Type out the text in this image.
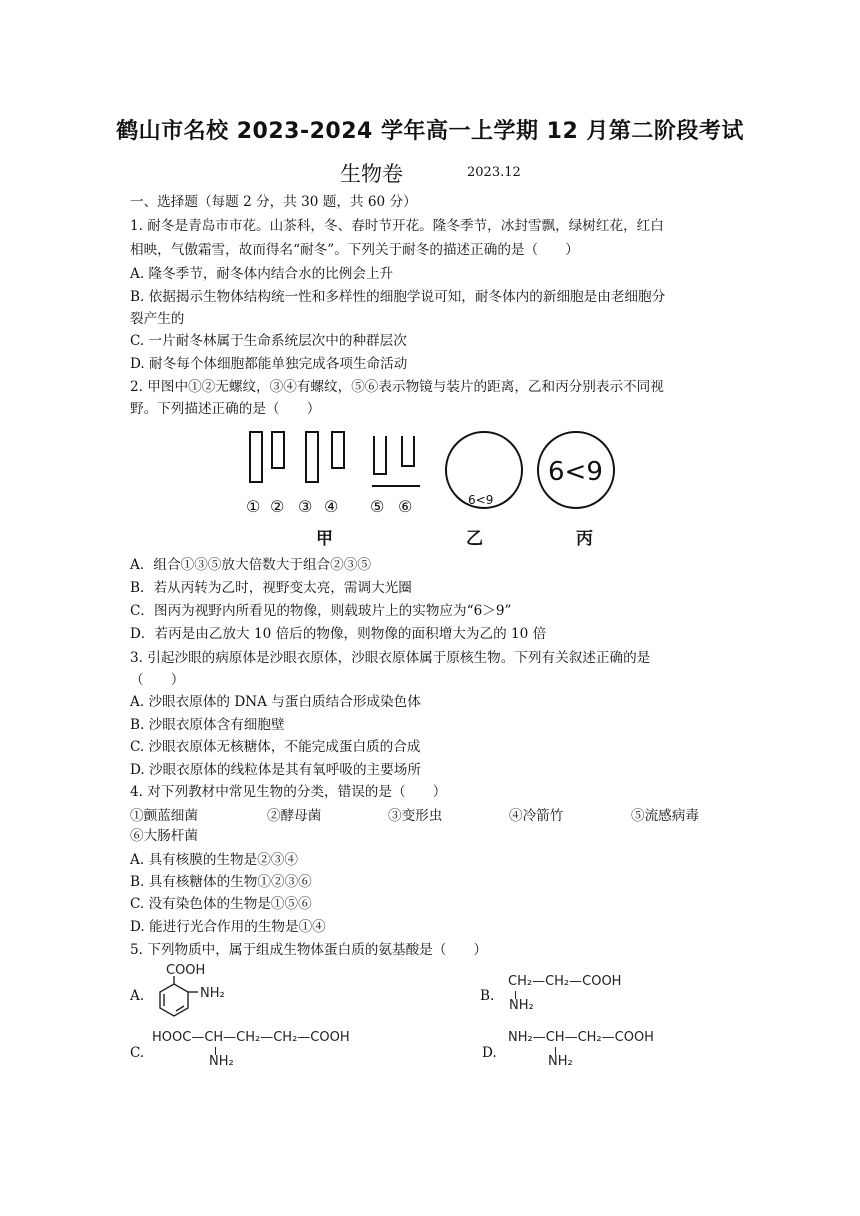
鹤山市名校 2023-2024 学年高一上学期 12 月第二阶段考试
生物卷	2023.12
一、选择题（每题 2 分，共 30 题，共 60 分）
1. 耐冬是青岛市市花。山茶科，冬、春时节开花。隆冬季节，冰封雪飘，绿树红花，红白
相映，气傲霜雪，故而得名“耐冬”。下列关于耐冬的描述正确的是（　　）
A. 隆冬季节，耐冬体内结合水的比例会上升
B. 依据揭示生物体结构统一性和多样性的细胞学说可知，耐冬体内的新细胞是由老细胞分
裂产生的
C. 一片耐冬林属于生命系统层次中的种群层次
D. 耐冬每个体细胞都能单独完成各项生命活动
2. 甲图中①②无螺纹，③④有螺纹，⑤⑥表示物镜与装片的距离，乙和丙分别表示不同视
野。下列描述正确的是（　　）
① ② ③ ④ ⑤ ⑥
甲
6<9
乙
6<9
丙
A．组合①③⑤放大倍数大于组合②③⑤
B．若从丙转为乙时，视野变太亮，需调大光圈
C．图丙为视野内所看见的物像，则载玻片上的实物应为“6＞9”
D．若丙是由乙放大 10 倍后的物像，则物像的面积增大为乙的 10 倍
3. 引起沙眼的病原体是沙眼衣原体，沙眼衣原体属于原核生物。下列有关叙述正确的是
（　　）
A. 沙眼衣原体的 DNA 与蛋白质结合形成染色体
B. 沙眼衣原体含有细胞壁
C. 沙眼衣原体无核糖体，不能完成蛋白质的合成
D. 沙眼衣原体的线粒体是其有氧呼吸的主要场所
4. 对下列教材中常见生物的分类，错误的是（　　）
①颤蓝细菌	②酵母菌	③变形虫	④冷箭竹	⑤流感病毒
⑥大肠杆菌
A. 具有核膜的生物是②③④
B. 具有核糖体的生物①②③⑥
C. 没有染色体的生物是①⑤⑥
D. 能进行光合作用的生物是①④
5. 下列物质中，属于组成生物体蛋白质的氨基酸是（　　）
A.
COOH
NH₂	B.
CH₂—CH₂—COOH
NH₂
C.
HOOC—CH—CH₂—CH₂—COOH
NH₂
D.
NH₂—CH—CH₂—COOH
NH₂
